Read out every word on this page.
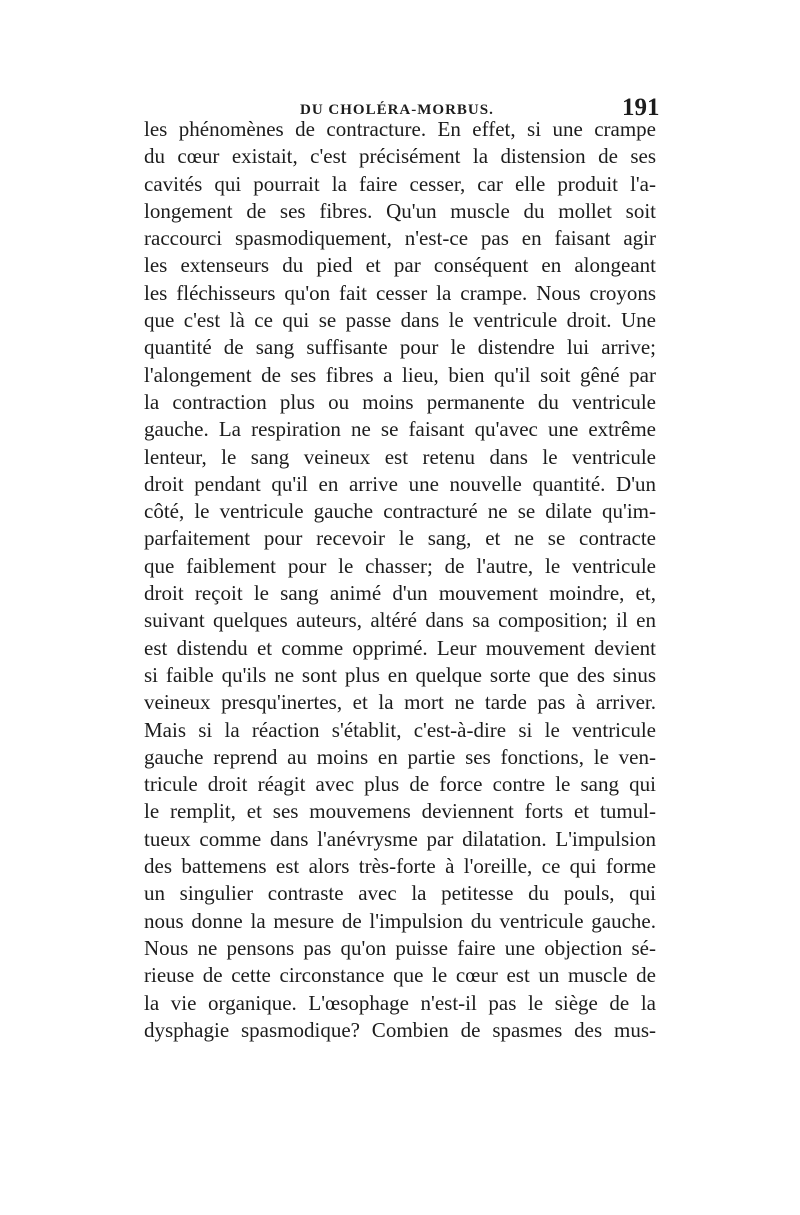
DU CHOLÉRA-MORBUS.	191
les phénomènes de contracture. En effet, si une crampe
du cœur existait, c'est précisément la distension de ses
cavités qui pourrait la faire cesser, car elle produit l'a-
longement de ses fibres. Qu'un muscle du mollet soit
raccourci spasmodiquement, n'est-ce pas en faisant agir
les extenseurs du pied et par conséquent en alongeant
les fléchisseurs qu'on fait cesser la crampe. Nous croyons
que c'est là ce qui se passe dans le ventricule droit. Une
quantité de sang suffisante pour le distendre lui arrive;
l'alongement de ses fibres a lieu, bien qu'il soit gêné par
la contraction plus ou moins permanente du ventricule
gauche. La respiration ne se faisant qu'avec une extrême
lenteur, le sang veineux est retenu dans le ventricule
droit pendant qu'il en arrive une nouvelle quantité. D'un
côté, le ventricule gauche contracturé ne se dilate qu'im-
parfaitement pour recevoir le sang, et ne se contracte
que faiblement pour le chasser; de l'autre, le ventricule
droit reçoit le sang animé d'un mouvement moindre, et,
suivant quelques auteurs, altéré dans sa composition; il en
est distendu et comme opprimé. Leur mouvement devient
si faible qu'ils ne sont plus en quelque sorte que des sinus
veineux presqu'inertes, et la mort ne tarde pas à arriver.
Mais si la réaction s'établit, c'est-à-dire si le ventricule
gauche reprend au moins en partie ses fonctions, le ven-
tricule droit réagit avec plus de force contre le sang qui
le remplit, et ses mouvemens deviennent forts et tumul-
tueux comme dans l'anévrysme par dilatation. L'impulsion
des battemens est alors très-forte à l'oreille, ce qui forme
un singulier contraste avec la petitesse du pouls, qui
nous donne la mesure de l'impulsion du ventricule gauche.
Nous ne pensons pas qu'on puisse faire une objection sé-
rieuse de cette circonstance que le cœur est un muscle de
la vie organique. L'œsophage n'est-il pas le siège de la
dysphagie spasmodique? Combien de spasmes des mus-
